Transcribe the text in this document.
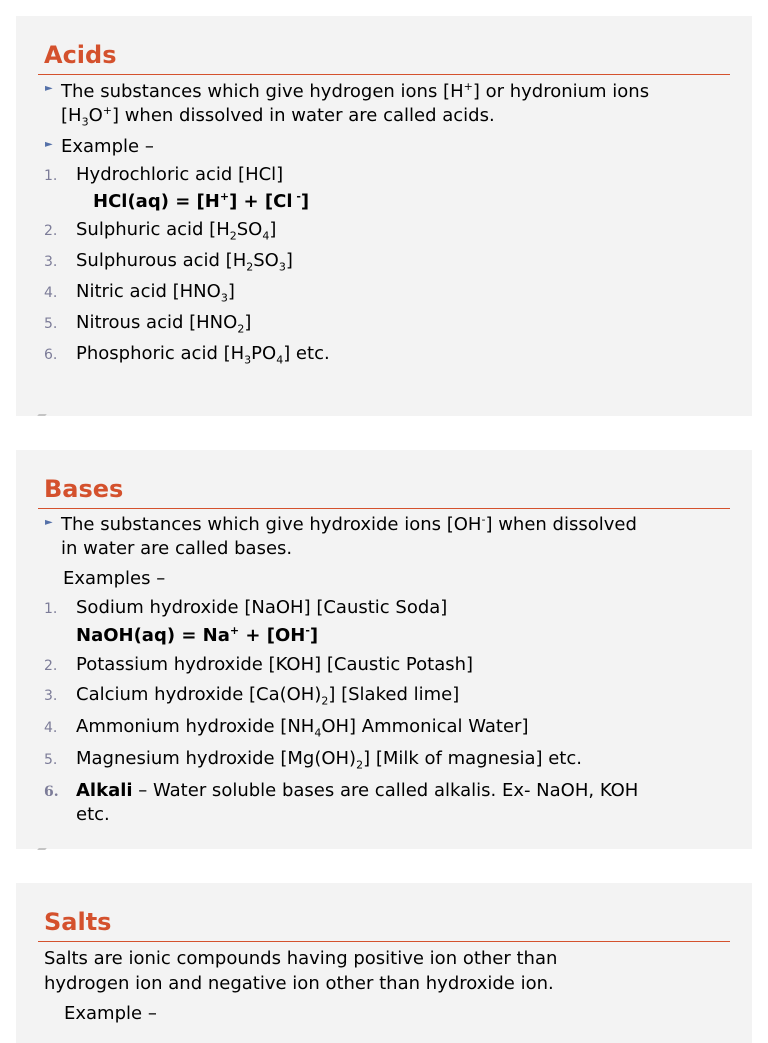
Acids
► The substances which give hydrogen ions [H+] or hydronium ions
$[H_3O^+]$ when dissolved in water are called acids.
► Example –
1. Hydrochloric acid [HCl]
HCl(aq) = [H+] + [Cl -]
2. Sulphuric acid $[H_2SO_4]$
3. Sulphurous acid $[H_2SO_3]$
4. Nitric acid $[HNO_3]$
5. Nitrous acid $[HNO_2]$
6. Phosphoric acid $[H_3PO_4]$ etc.
Bases
► The substances which give hydroxide ions [OH-] when dissolved
in water are called bases.
Examples –
1. Sodium hydroxide [NaOH] [Caustic Soda]
NaOH(aq) = Na+ + [OH-]
2. Potassium hydroxide [KOH] [Caustic Potash]
3. Calcium hydroxide $[Ca(OH)_2]$ [Slaked lime]
4. Ammonium hydroxide $[NH_4OH]$ Ammonical Water]
5. Magnesium hydroxide $[Mg(OH)_2]$ [Milk of magnesia] etc.
6. Alkali – Water soluble bases are called alkalis. Ex- NaOH, KOH
etc.
Salts
Salts are ionic compounds having positive ion other than
hydrogen ion and negative ion other than hydroxide ion.
Example –
